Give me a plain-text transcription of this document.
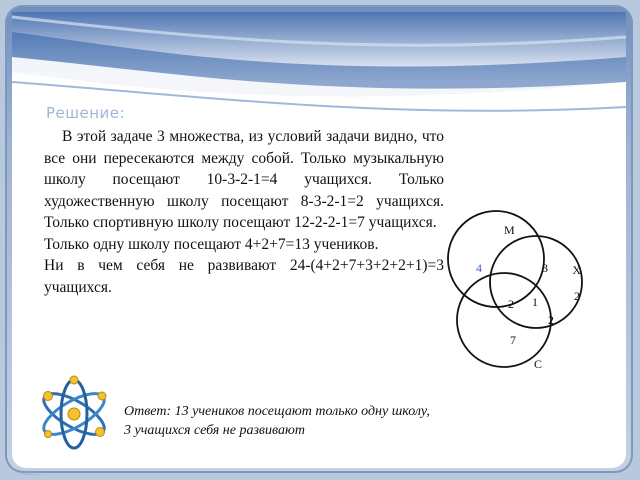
Решение:

В этой задаче 3 множества, из условий задачи видно, что все они пересекаются между собой. Только музыкальную школу посещают 10-3-2-1=4 учащихся. Только художественную школу посещают 8-3-2-1=2 учащихся. Только спортивную школу посещают 12-2-2-1=7 учащихся.

Только одну школу посещают 4+2+7=13 учеников.

Ни в чем себя не развивают 24-(4+2+7+3+2+2+1)=3 учащихся.

Ответ: 13 учеников посещают только одну школу,
3 учащихся себя не развивают
М
Х
С
4	3
2
2 1
2
7
http://...
